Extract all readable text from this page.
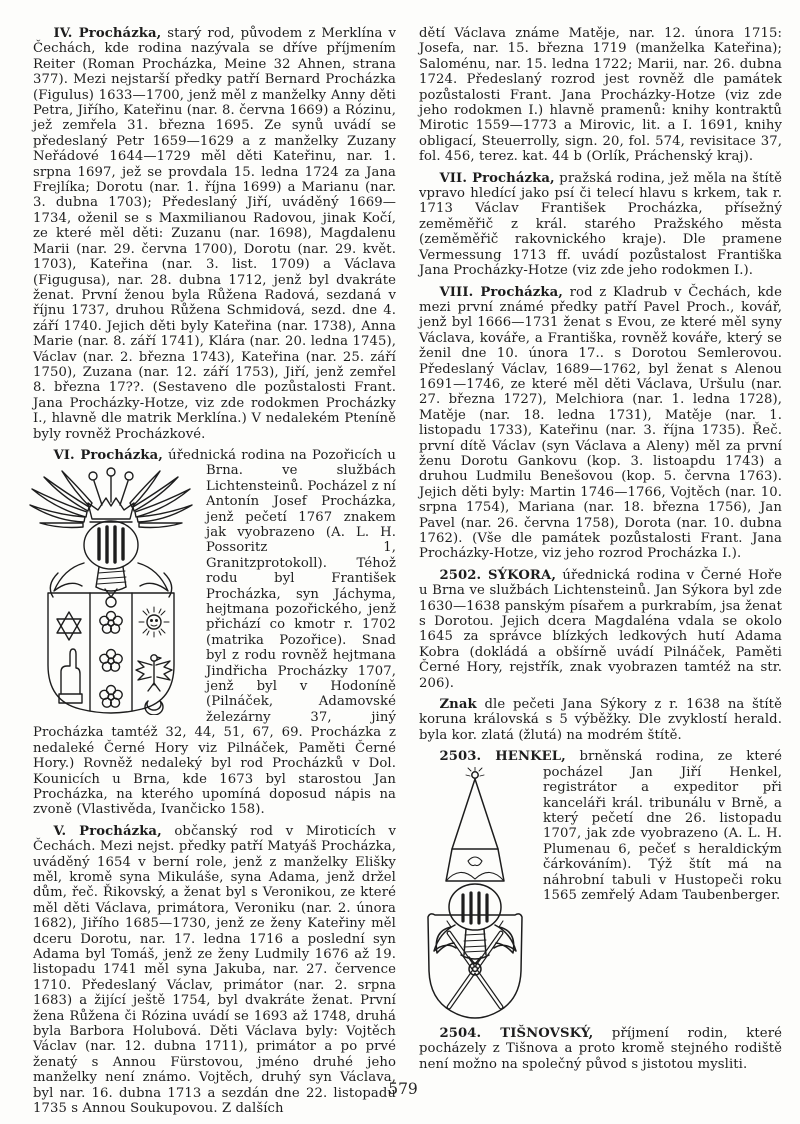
IV. Procházka, starý rod, původem z Merklína v Čechách, kde rodina nazývala se dříve příjmením Reiter (Roman Procházka, Meine 32 Ahnen, strana 377). Mezi nejstarší předky patří Bernard Procházka (Figulus) 1633—1700, jenž měl z manželky Anny děti Petra, Jiřího, Kateřinu (nar. 8. června 1669) a Rózinu, jež zemřela 31. března 1695. Ze synů uvádí se předeslaný Petr 1659—1629 a z manželky Zuzany Neřádové 1644—1729 měl děti Kateřinu, nar. 1. srpna 1697, jež se provdala 15. ledna 1724 za Jana Frejlíka; Dorotu (nar. 1. října 1699) a Marianu (nar. 3. dubna 1703); Předeslaný Jiří, uváděný 1669—1734, oženil se s Maxmilianou Radovou, jinak Kočí, ze které měl děti: Zuzanu (nar. 1698), Magdalenu Marii (nar. 29. června 1700), Dorotu (nar. 29. květ. 1703), Kateřina (nar. 3. list. 1709) a Václava (Figugusa), nar. 28. dubna 1712, jenž byl dvakráte ženat. První ženou byla Růžena Radová, sezdaná v říjnu 1737, druhou Růžena Schmidová, sezd. dne 4. září 1740. Jejich děti byly Kateřina (nar. 1738), Anna Marie (nar. 8. září 1741), Klára (nar. 20. ledna 1745), Václav (nar. 2. března 1743), Kateřina (nar. 25. září 1750), Zuzana (nar. 12. září 1753), Jiří, jenž zemřel 8. března 17??. (Sestaveno dle pozůstalosti Frant. Jana Procházky-Hotze, viz zde rodokmen Procházky I., hlavně dle matrik Merklína.) V nedalekém Pteníně byly rovněž Procházkové.

VI. Procházka, úřednická rodina na Pozořicích
u Brna. ve službách Lichtensteinů. Pocházel z ní Antonín Josef Procházka, jenž pečetí 1767 znakem jak vyobrazeno (A. L. H. Possoritz 1, Granitzprotokoll). Téhož rodu byl František Procházka, syn Jáchyma, hejtmana pozořického, jenž přichází co kmotr r. 1702 (matrika Pozořice). Snad byl z rodu rovněž hejtmana Jindřicha Procházky 1707, jenž byl v Hodoníně (Pilnáček, Adamovské železárny 37, jiný Procházka tamtéž 32, 44, 51, 67, 69. Procházka z nedaleké Černé Hory viz Pilnáček, Paměti Černé Hory.) Rovněž nedaleký byl rod Procházků v Dol. Kounicích u Brna, kde 1673 byl starostou Jan Procházka, na kterého upomíná doposud nápis na zvoně (Vlastivěda, Ivančicko 158).

V. Procházka, občanský rod v Miroticích v Čechách. Mezi nejst. předky patří Matyáš Procházka, uváděný 1654 v berní role, jenž z manželky Elišky měl, kromě syna Mikuláše, syna Adama, jenž držel dům, řeč. Řikovský, a ženat byl s Veronikou, ze které měl děti Václava, primátora, Veroniku (nar. 2. února 1682), Jiřího 1685—1730, jenž ze ženy Kateřiny měl dceru Dorotu, nar. 17. ledna 1716 a poslední syn Adama byl Tomáš, jenž ze ženy Ludmily 1676 až 19. listopadu 1741 měl syna Jakuba, nar. 27. července 1710. Předeslaný Václav, primátor (nar. 2. srpna 1683) a žijící ještě 1754, byl dvakráte ženat. První žena Růžena či Rózina uvádí se 1693 až 1748, druhá byla Barbora Holubová. Děti Václava byly: Vojtěch Václav (nar. 12. dubna 1711), primátor a po prvé ženatý s Annou Fürstovou, jméno druhé jeho manželky není známo. Vojtěch, druhý syn Václava, byl nar. 16. dubna 1713 a sezdán dne 22. listopadu 1735 s Annou Soukupovou. Z dalších

dětí Václava známe Matěje, nar. 12. února 1715: Josefa, nar. 15. března 1719 (manželka Kateřina); Saloménu, nar. 15. ledna 1722; Marii, nar. 26. dubna 1724. Předeslaný rozrod jest rovněž dle památek pozůstalosti Frant. Jana Procházky-Hotze (viz zde jeho rodokmen I.) hlavně pramenů: knihy kontraktů Mirotic 1559—1773 a Mirovic, lit. a I. 1691, knihy obligací, Steuerrolly, sign. 20, fol. 574, revisitace 37, fol. 456, terez. kat. 44 b (Orlík, Práchenský kraj).

VII. Procházka, pražská rodina, jež měla na štítě vpravo hledící jako psí či telecí hlavu s krkem, tak r. 1713 Václav František Procházka, přísežný zeměměřič z král. starého Pražského města (zeměměřič rakovnického kraje). Dle pramene Vermessung 1713 ff. uvádí pozůstalost Františka Jana Procházky-Hotze (viz zde jeho rodokmen I.).

VIII. Procházka, rod z Kladrub v Čechách, kde mezi první známé předky patří Pavel Proch., kovář, jenž byl 1666—1731 ženat s Evou, ze které měl syny Václava, kováře, a Františka, rovněž kováře, který se ženil dne 10. února 17.. s Dorotou Semlerovou. Předeslaný Václav, 1689—1762, byl ženat s Alenou 1691—1746, ze které měl děti Václava, Uršulu (nar. 27. března 1727), Melchiora (nar. 1. ledna 1728), Matěje (nar. 18. ledna 1731), Matěje (nar. 1. listopadu 1733), Kateřinu (nar. 3. října 1735). Řeč. první dítě Václav (syn Václava a Aleny) měl za první ženu Dorotu Gankovu (kop. 3. listoapdu 1743) a druhou Ludmilu Benešovou (kop. 5. června 1763). Jejich děti byly: Martin 1746—1766, Vojtěch (nar. 10. srpna 1754), Mariana (nar. 18. března 1756), Jan Pavel (nar. 26. června 1758), Dorota (nar. 10. dubna 1762). (Vše dle památek pozůstalosti Frant. Jana Procházky-Hotze, viz jeho rozrod Procházka I.).

2502. SÝKORA, úřednická rodina v Černé Hoře u Brna ve službách Lichtensteinů. Jan Sýkora byl zde 1630—1638 panským písařem a purkrabím, jsa ženat s Dorotou. Jejich dcera Magdaléna vdala se okolo 1645 za správce blízkých ledkových hutí Adama Kobra (dokládá a obšírně uvádí Pilnáček, Paměti Černé Hory, rejstřík, znak vyobrazen tamtéž na str. 206).

Znak dle pečeti Jana Sýkory z r. 1638 na štítě koruna královská s 5 výběžky. Dle zvyklostí herald. byla kor. zlatá (žlutá) na modrém štítě.

2503. HENKEL, brněnská rodina, ze které pocházel
Jan Jiří Henkel, registrátor a expeditor při kanceláři král. tribunálu v Brně, a který pečetí dne 26. listopadu 1707, jak zde vyobrazeno (A. L. H. Plumenau 6, pečeť s heraldickým čárkováním). Týž štít má na náhrobní tabuli v Hustopeči roku 1565 zemřelý Adam Taubenberger.

2504. TIŠNOVSKÝ, příjmení rodin, které pocházely z Tišnova a proto kromě stejného rodiště není možno na společný původ s jistotou mysliti.

579
